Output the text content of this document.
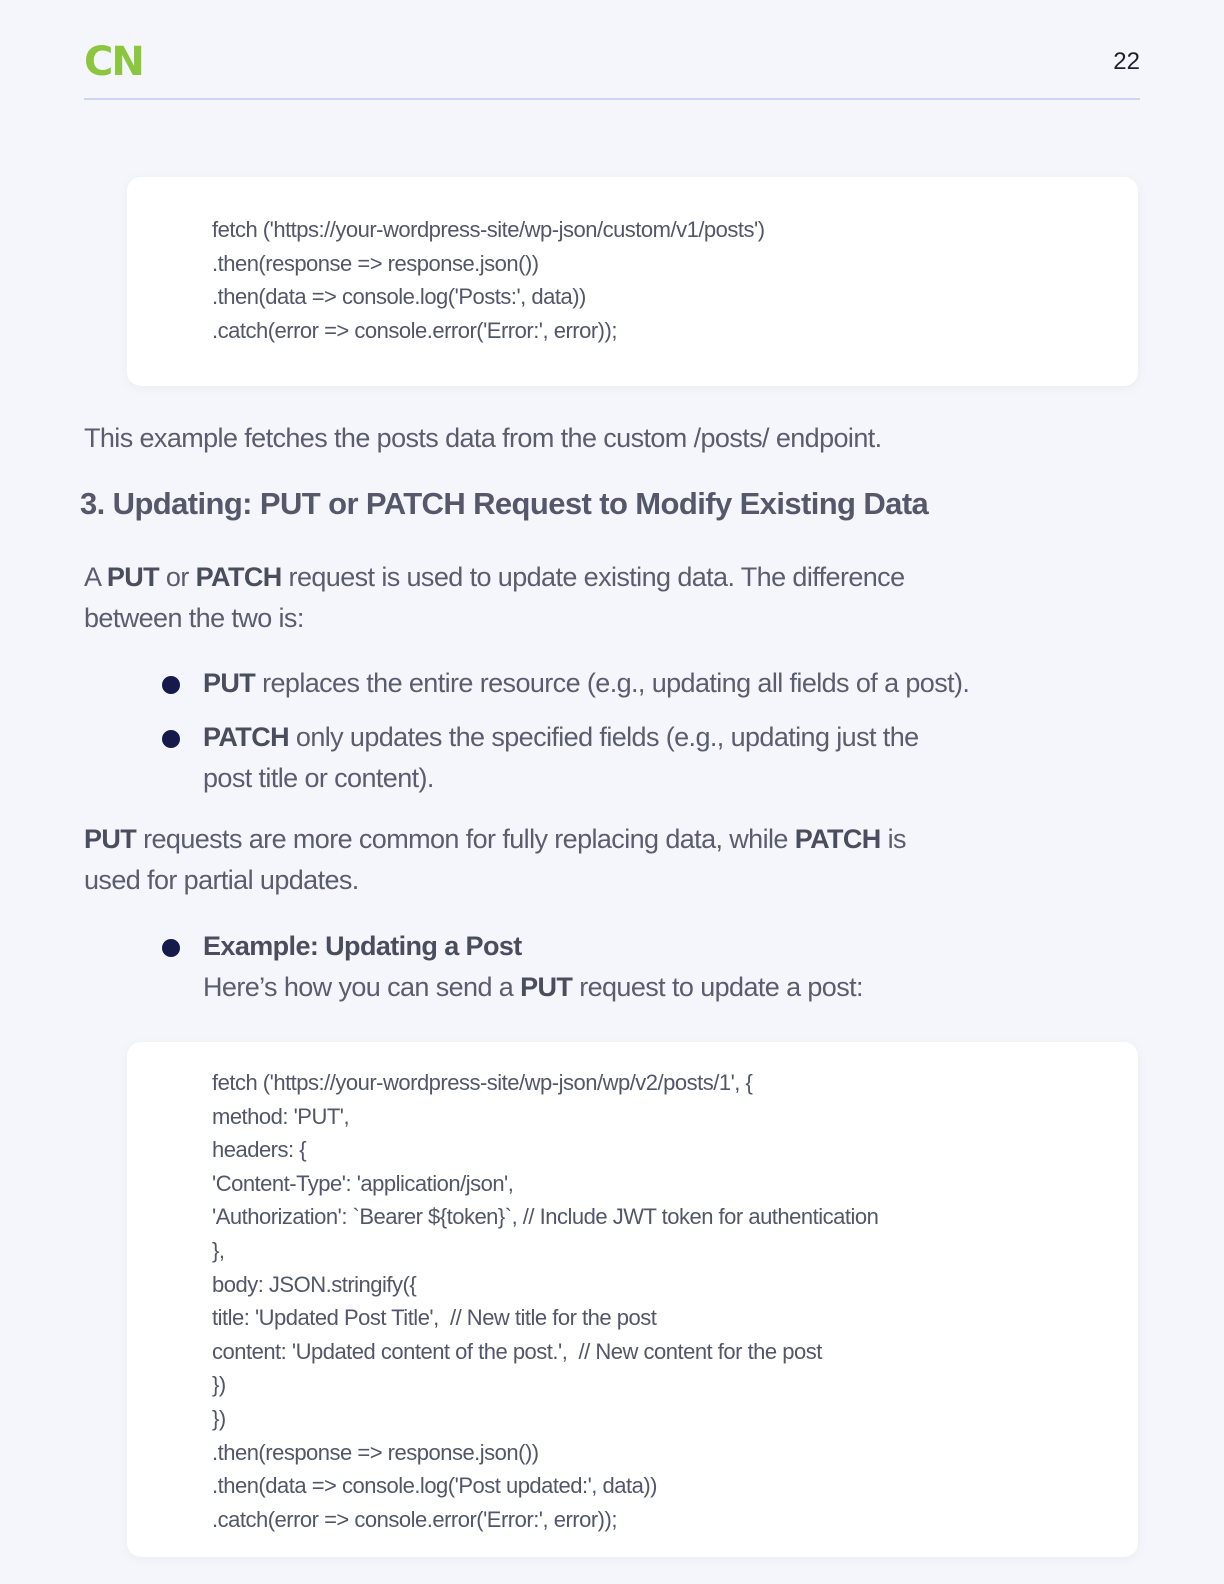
CN	22
fetch ('https://your-wordpress-site/wp-json/custom/v1/posts')
.then(response => response.json())
.then(data => console.log('Posts:', data))
.catch(error => console.error('Error:', error));
This example fetches the posts data from the custom /posts/ endpoint.
3. Updating: PUT or PATCH Request to Modify Existing Data
A PUT or PATCH request is used to update existing data. The difference
between the two is:
PUT replaces the entire resource (e.g., updating all fields of a post).
PATCH only updates the specified fields (e.g., updating just the
post title or content).
PUT requests are more common for fully replacing data, while PATCH is
used for partial updates.
Example: Updating a Post
Here’s how you can send a PUT request to update a post:
fetch ('https://your-wordpress-site/wp-json/wp/v2/posts/1', {
method: 'PUT',
headers: {
'Content-Type': 'application/json',
'Authorization': `Bearer ${token}`, // Include JWT token for authentication
},
body: JSON.stringify({
title: 'Updated Post Title',  // New title for the post
content: 'Updated content of the post.',  // New content for the post
})
})
.then(response => response.json())
.then(data => console.log('Post updated:', data))
.catch(error => console.error('Error:', error));
